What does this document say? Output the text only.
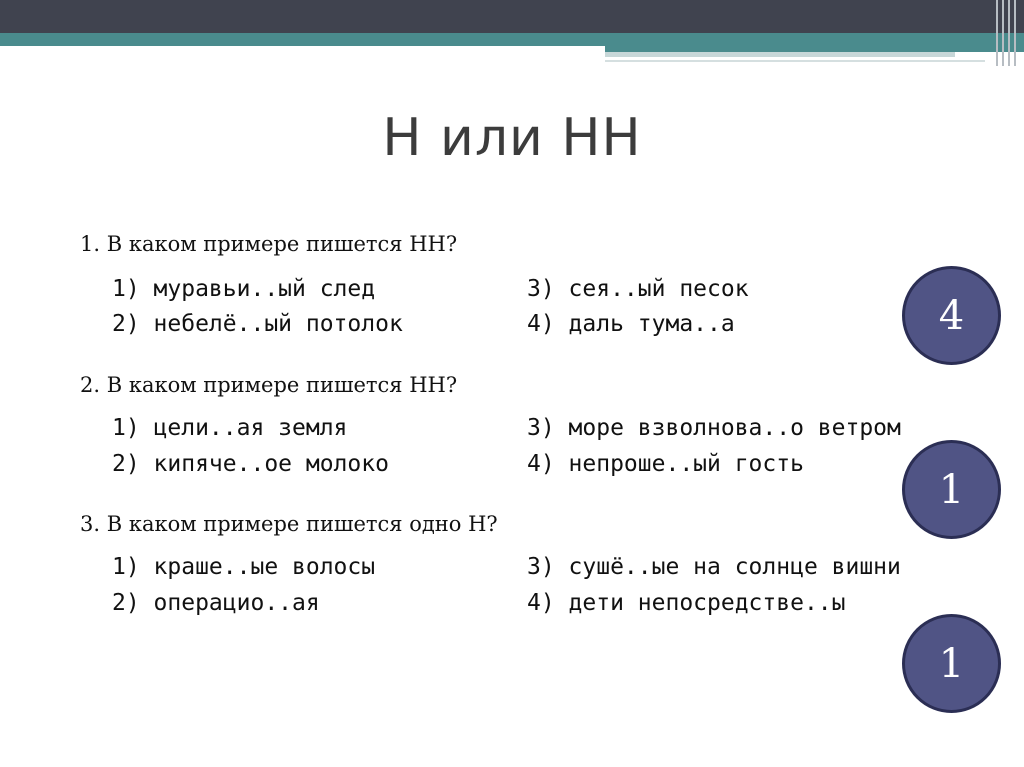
Н или НН
1. В каком примере пишется НН?
1) муравьи..ый след
2) небелё..ый потолок
3) сея..ый песок
4) даль тума..а	4
2. В каком примере пишется НН?
1) цели..ая земля
2) кипяче..ое молоко
3) море взволнова..о ветром
4) непроше..ый гость
1
3. В каком примере пишется одно Н?
1) краше..ые волосы
2) операцио..ая
3) сушё..ые на солнце вишни
4) дети непосредстве..ы
1
